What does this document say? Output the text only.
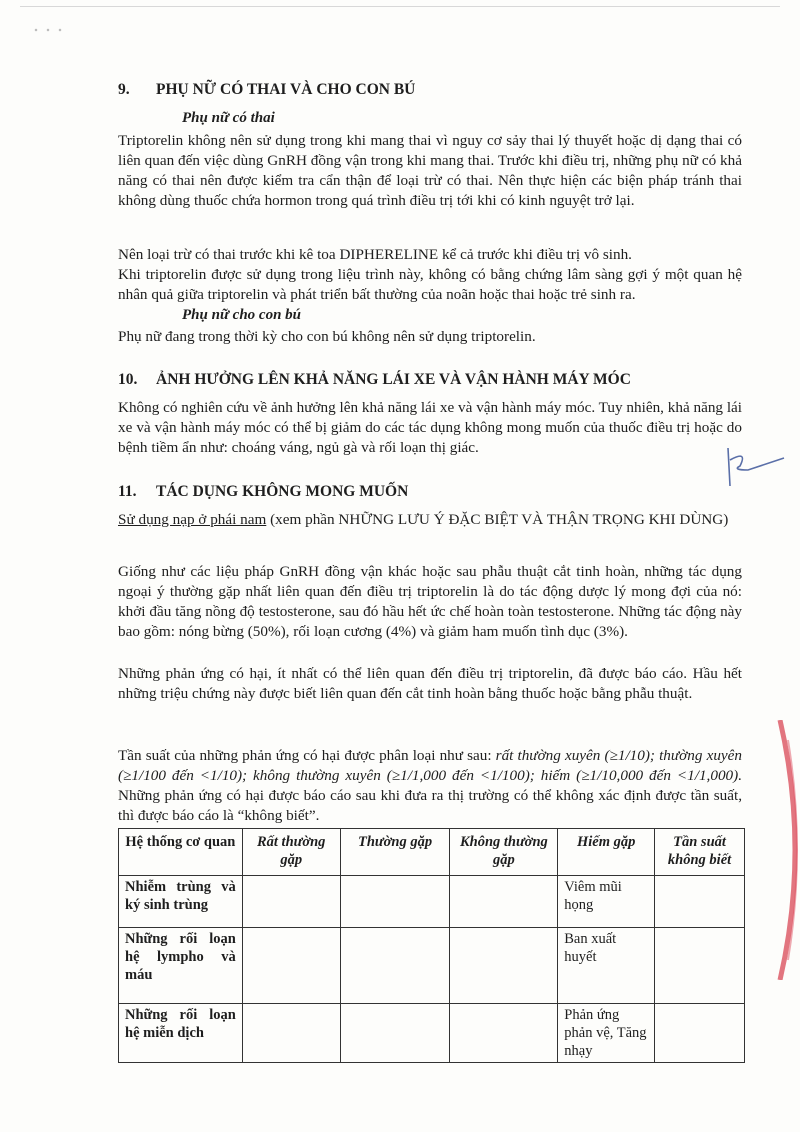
9. PHỤ NỮ CÓ THAI VÀ CHO CON BÚ
Phụ nữ có thai

Triptorelin không nên sử dụng trong khi mang thai vì nguy cơ sảy thai lý thuyết hoặc dị dạng thai có liên quan đến việc dùng GnRH đồng vận trong khi mang thai. Trước khi điều trị, những phụ nữ có khả năng có thai nên được kiểm tra cẩn thận để loại trừ có thai. Nên thực hiện các biện pháp tránh thai không dùng thuốc chứa hormon trong quá trình điều trị tới khi có kinh nguyệt trở lại.

Nên loại trừ có thai trước khi kê toa DIPHERELINE kể cả trước khi điều trị vô sinh.

Khi triptorelin được sử dụng trong liệu trình này, không có bằng chứng lâm sàng gợi ý một quan hệ nhân quả giữa triptorelin và phát triển bất thường của noãn hoặc thai hoặc trẻ sinh ra.

Phụ nữ cho con bú

Phụ nữ đang trong thời kỳ cho con bú không nên sử dụng triptorelin.

10. ẢNH HƯỞNG LÊN KHẢ NĂNG LÁI XE VÀ VẬN HÀNH MÁY MÓC

Không có nghiên cứu về ảnh hưởng lên khả năng lái xe và vận hành máy móc. Tuy nhiên, khả năng lái xe và vận hành máy móc có thể bị giảm do các tác dụng không mong muốn của thuốc điều trị hoặc do bệnh tiềm ẩn như: choáng váng, ngủ gà và rối loạn thị giác.

11. TÁC DỤNG KHÔNG MONG MUỐN

Sử dụng nạp ở phái nam (xem phần NHỮNG LƯU Ý ĐẶC BIỆT VÀ THẬN TRỌNG KHI DÙNG)

Giống như các liệu pháp GnRH đồng vận khác hoặc sau phẫu thuật cắt tinh hoàn, những tác dụng ngoại ý thường gặp nhất liên quan đến điều trị triptorelin là do tác động dược lý mong đợi của nó: khởi đầu tăng nồng độ testosterone, sau đó hầu hết ức chế hoàn toàn testosterone. Những tác động này bao gồm: nóng bừng (50%), rối loạn cương (4%) và giảm ham muốn tình dục (3%).

Những phản ứng có hại, ít nhất có thể liên quan đến điều trị triptorelin, đã được báo cáo. Hầu hết những triệu chứng này được biết liên quan đến cắt tinh hoàn bằng thuốc hoặc bằng phẫu thuật.

Tần suất của những phản ứng có hại được phân loại như sau: rất thường xuyên (≥1/10); thường xuyên (≥1/100 đến <1/10); không thường xuyên (≥1/1,000 đến <1/100); hiếm (≥1/10,000 đến <1/1,000). Những phản ứng có hại được báo cáo sau khi đưa ra thị trường có thể không xác định được tần suất, thì được báo cáo là “không biết”.

Hệ thống cơ quan	Rất thường gặp	Thường gặp	Không thường gặp	Hiếm gặp	Tần suất không biết
Nhiễm trùng và ký sinh trùng				Viêm mũi họng	
Những rối loạn hệ lympho và máu				Ban xuất huyết	
Những rối loạn hệ miễn dịch				Phản ứng phản vệ, Tăng nhạy	
